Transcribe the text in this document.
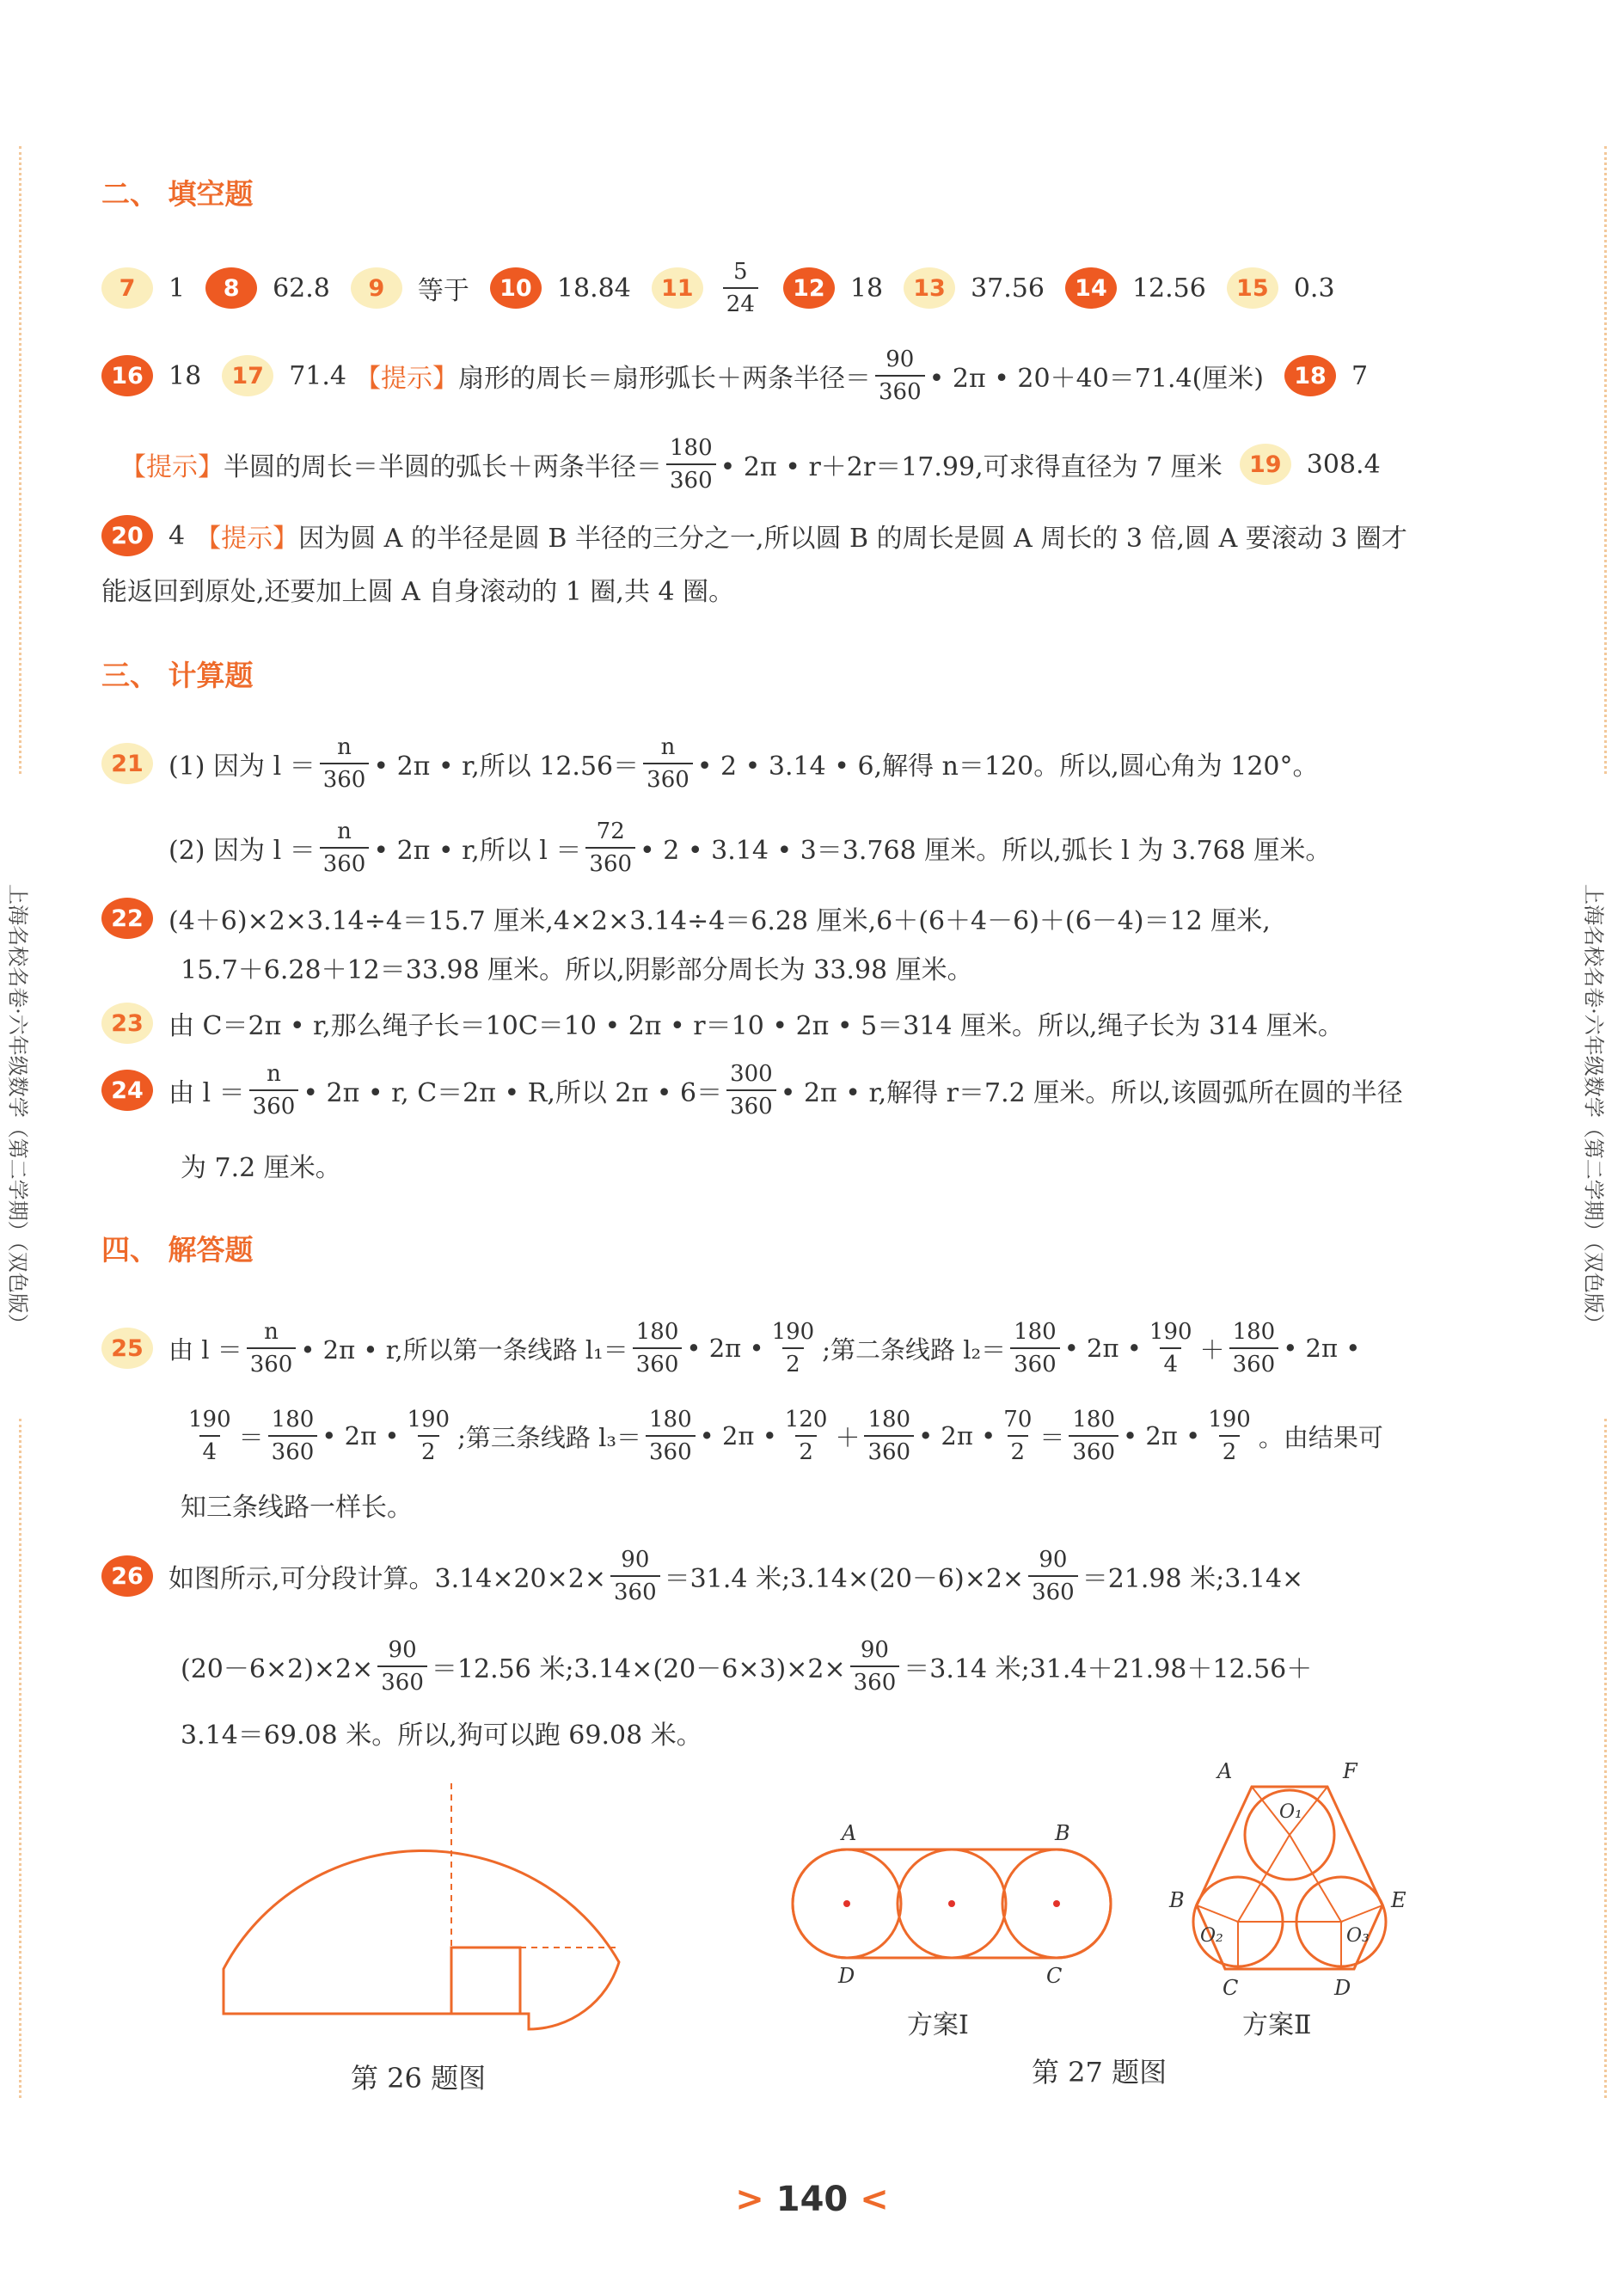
上海名校名卷·六年级数学（第二学期）（双色版）	上海名校名卷·六年级数学（第二学期）（双色版）
二、 填空题
7	1	8	62.8	9	等于	10 18.84	11	$\frac{5}{24}$	12 18	13 37.56	14 12.56	15 0.3
16 18	17 71.4 【提示】 扇形的周长＝扇形弧长＋两条半径＝ $\frac{90}{360}$ • 2π • 20＋40＝71.4(厘米)	18 7
【提示】 半圆的周长＝半圆的弧长＋两条半径＝ $\frac{180}{360}$ • 2π • r＋2r＝17.99,可求得直径为 7 厘米	19 308.4
20 4 【提示】 因为圆 A 的半径是圆 B 半径的三分之一,所以圆 B 的周长是圆 A 周长的 3 倍,圆 A 要滚动 3 圈才
能返回到原处,还要加上圆 A 自身滚动的 1 圈,共 4 圈。
三、 计算题
21 (1) 因为 $l = \frac{n}{360}$ • 2π • r,所以 $12.56= \frac{n}{360}$ • 2 • 3.14 • 6,解得 n＝120。所以,圆心角为 120°。
(2) 因为 $l = \frac{n}{360}$ • 2π • r,所以 $l = \frac{72}{360}$ • 2 • 3.14 • 3＝3.768 厘米。所以,弧长 l 为 3.768 厘米。
22 (4＋6)×2×3.14÷4＝15.7 厘米,4×2×3.14÷4＝6.28 厘米,6＋(6＋4－6)＋(6－4)＝12 厘米,
15.7＋6.28＋12＝33.98 厘米。所以,阴影部分周长为 33.98 厘米。
23 由 C＝2π • r,那么绳子长＝10C＝10 • 2π • r＝10 • 2π • 5＝314 厘米。所以,绳子长为 314 厘米。
24 由 $l = \frac{n}{360}$ • 2π • r, C＝2π • R,所以 2π • $6= \frac{300}{360}$ • 2π • r,解得 r＝7.2 厘米。所以,该圆弧所在圆的半径
为 7.2 厘米。
四、 解答题
25	由 $l = \frac{n}{360}$ • 2π • r,所以第一条线路 $l_1= \frac{180}{360}$ • 2π • $\frac{190}{2}$ ;第二条线路 $l_2= \frac{180}{360}$ • 2π • $\frac{190}{4} + \frac{180}{360}$ • 2π •
$\frac{190}{4} = \frac{180}{360}$ • 2π • $\frac{190}{2}$ ;第三条线路 $l_3= \frac{180}{360}$ • 2π • $\frac{120}{2} + \frac{180}{360}$ • 2π • $\frac{70}{2} = \frac{180}{360}$ • 2π • $\frac{190}{2}$ 。由结果可
知三条线路一样长。
26 如图所示,可分段计算。$3.14\times 20\times 2\times \frac{90}{360} =31.4$ 米;3.14×(20－6)×2× $\frac{90}{360} =21.98$ 米;3.14×
$(20-6\times 2)\times 2\times \frac{90}{360} =12.56$ 米;3.14×(20－6×3)×2× $\frac{90}{360} =3.14$ 米;31.4＋21.98＋12.56＋
3.14＝69.08 米。所以,狗可以跑 69.08 米。
第 26 题图
A	B
D	C
方案Ⅰ
A	F
O₁
B	E
O₂	O₃
C	D
方案Ⅱ
第 27 题图
> 140 <
